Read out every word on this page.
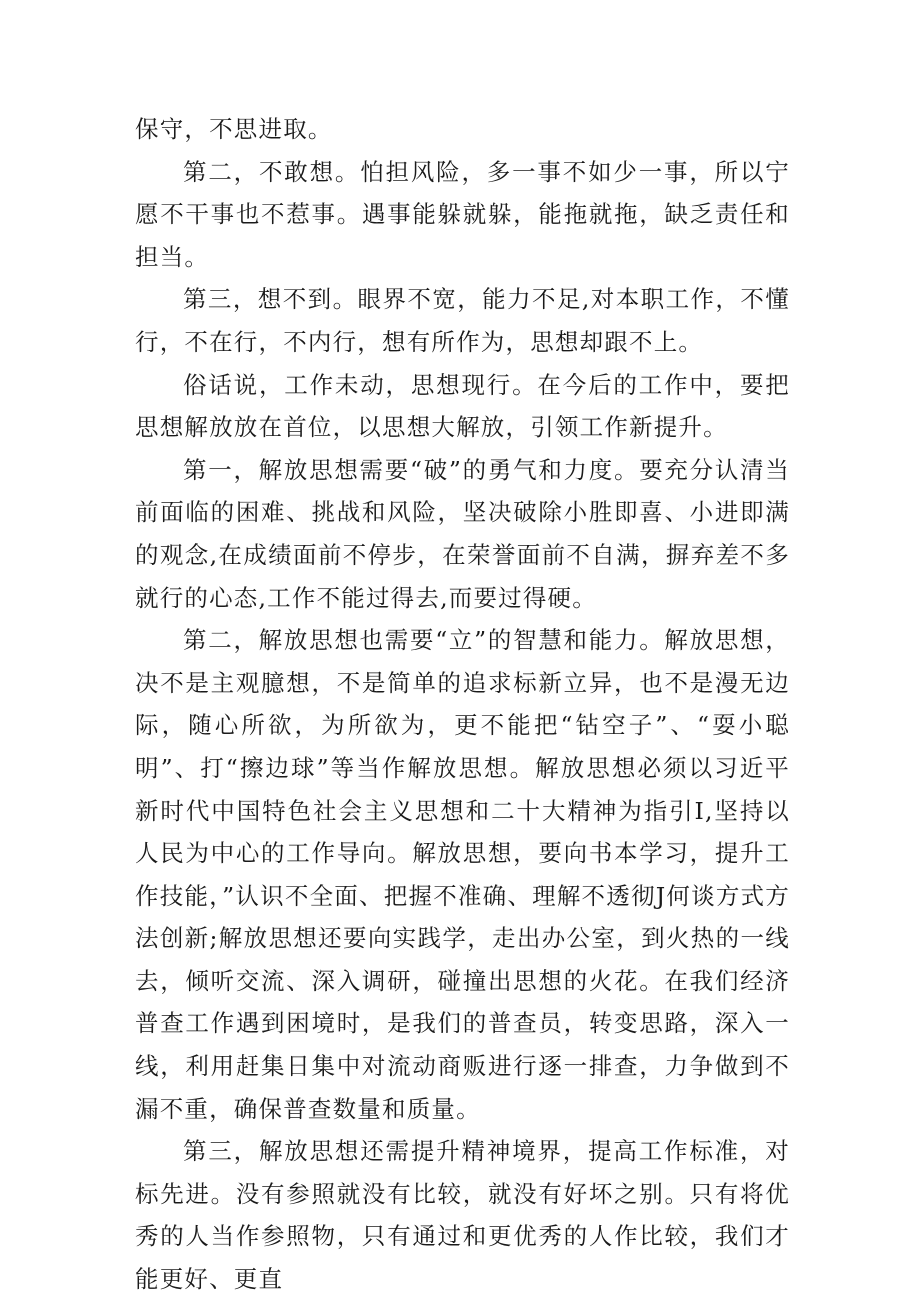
保守，不思进取。

第二，不敢想。怕担风险，多一事不如少一事，所以宁愿不干事也不惹事。遇事能躲就躲，能拖就拖，缺乏责任和担当。

第三，想不到。眼界不宽，能力不足,对本职工作，不懂行，不在行，不内行，想有所作为，思想却跟不上。

俗话说，工作未动，思想现行。在今后的工作中，要把思想解放放在首位，以思想大解放，引领工作新提升。

第一，解放思想需要“破”的勇气和力度。要充分认清当前面临的困难、挑战和风险，坚决破除小胜即喜、小进即满的观念,在成绩面前不停步，在荣誉面前不自满，摒弃差不多就行的心态,工作不能过得去,而要过得硬。

第二，解放思想也需要“立”的智慧和能力。解放思想，决不是主观臆想，不是简单的追求标新立异，也不是漫无边际，随心所欲，为所欲为，更不能把“钻空子”、“耍小聪明”、打“擦边球”等当作解放思想。解放思想必须以习近平新时代中国特色社会主义思想和二十大精神为指引I,坚持以人民为中心的工作导向。解放思想，要向书本学习，提升工作技能，”认识不全面、把握不准确、理解不透彻J何谈方式方法创新;解放思想还要向实践学，走出办公室，到火热的一线去，倾听交流、深入调研，碰撞出思想的火花。在我们经济普查工作遇到困境时，是我们的普查员，转变思路，深入一线，利用赶集日集中对流动商贩进行逐一排查，力争做到不漏不重，确保普查数量和质量。

第三，解放思想还需提升精神境界，提高工作标准，对标先进。没有参照就没有比较，就没有好坏之别。只有将优秀的人当作参照物，只有通过和更优秀的人作比较，我们才能更好、更直
